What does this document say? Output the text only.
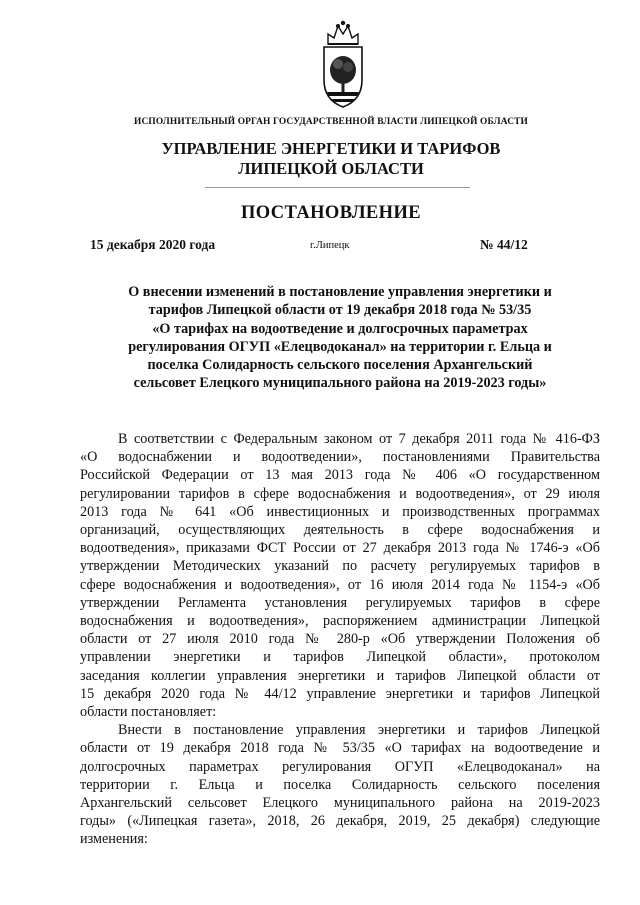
ИСПОЛНИТЕЛЬНЫЙ ОРГАН ГОСУДАРСТВЕННОЙ ВЛАСТИ ЛИПЕЦКОЙ ОБЛАСТИ
УПРАВЛЕНИЕ ЭНЕРГЕТИКИ И ТАРИФОВ
ЛИПЕЦКОЙ ОБЛАСТИ
ПОСТАНОВЛЕНИЕ
15 декабря 2020 года	г.Липецк	№ 44/12
О внесении изменений в постановление управления энергетики и
тарифов Липецкой области от 19 декабря 2018 года № 53/35
«О тарифах на водоотведение и долгосрочных параметрах
регулирования ОГУП «Елецводоканал» на территории г. Ельца и
поселка Солидарность сельского поселения Архангельский
сельсовет Елецкого муниципального района на 2019-2023 годы»

В соответствии с Федеральным законом от 7 декабря 2011 года № 416-ФЗ
«О водоснабжении и водоотведении», постановлениями Правительства
Российской Федерации от 13 мая 2013 года № 406 «О государственном
регулировании тарифов в сфере водоснабжения и водоотведения», от 29 июля
2013 года № 641 «Об инвестиционных и производственных программах
организаций, осуществляющих деятельность в сфере водоснабжения и
водоотведения», приказами ФСТ России от 27 декабря 2013 года № 1746-э «Об
утверждении Методических указаний по расчету регулируемых тарифов в
сфере водоснабжения и водоотведения», от 16 июля 2014 года № 1154-э «Об
утверждении Регламента установления регулируемых тарифов в сфере
водоснабжения и водоотведения», распоряжением администрации Липецкой
области от 27 июля 2010 года № 280-р «Об утверждении Положения об
управлении энергетики и тарифов Липецкой области», протоколом
заседания коллегии управления энергетики и тарифов Липецкой области от
15 декабря 2020 года № 44/12 управление энергетики и тарифов Липецкой
области постановляет:

Внести в постановление управления энергетики и тарифов Липецкой
области от 19 декабря 2018 года № 53/35 «О тарифах на водоотведение и
долгосрочных параметрах регулирования ОГУП «Елецводоканал» на
территории г. Ельца и поселка Солидарность сельского поселения
Архангельский сельсовет Елецкого муниципального района на 2019-2023
годы» («Липецкая газета», 2018, 26 декабря, 2019, 25 декабря) следующие
изменения:
